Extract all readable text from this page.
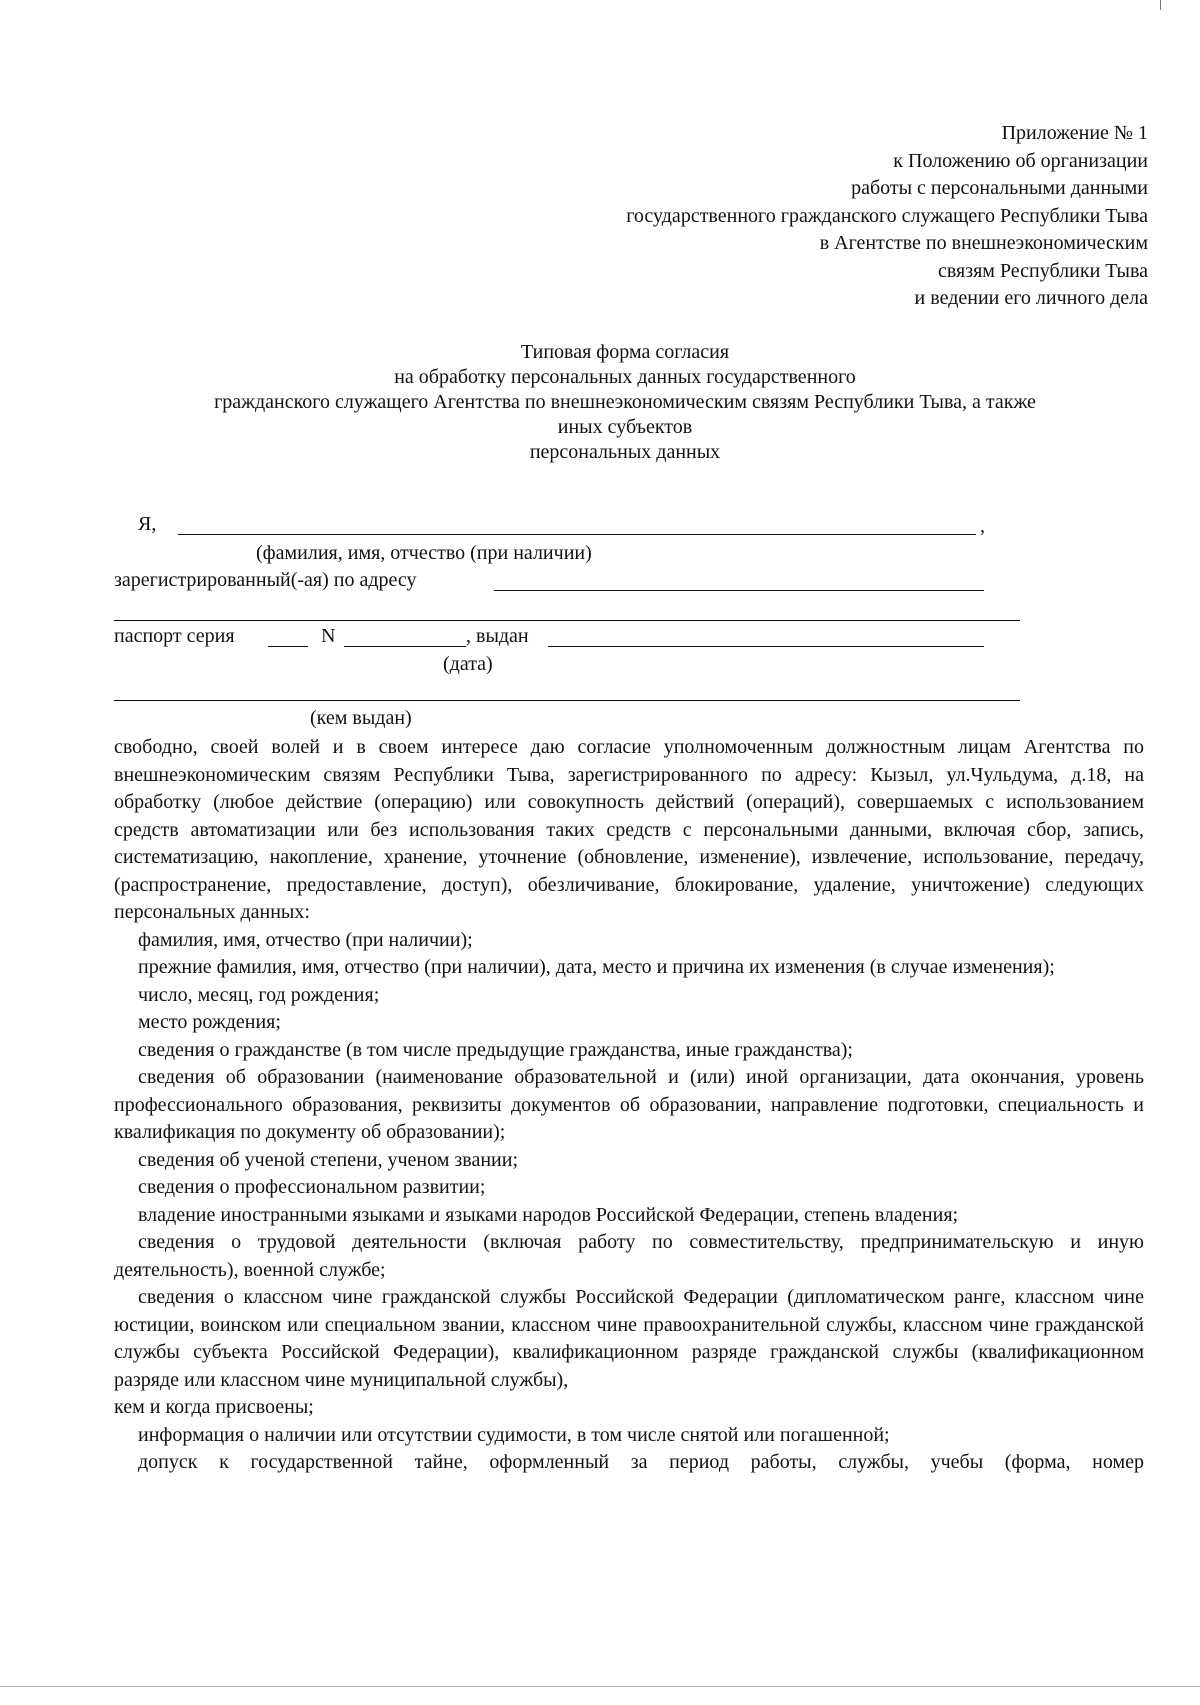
Приложение № 1
к Положению об организации
работы с персональными данными
государственного гражданского служащего Республики Тыва
в Агентстве по внешнеэкономическим
связям Республики Тыва
и ведении его личного дела
Типовая форма согласия
на обработку персональных данных государственного
гражданского служащего Агентства по внешнеэкономическим связям Республики Тыва, а также
иных субъектов
персональных данных
Я,	,
(фамилия, имя, отчество (при наличии)
зарегистрированный(-ая) по адресу
паспорт серия	N	, выдан
(дата)
(кем выдан)

свободно, своей волей и в своем интересе даю согласие уполномоченным должностным лицам Агентства по внешнеэкономическим связям Республики Тыва, зарегистрированного по адресу: Кызыл, ул.Чульдума, д.18, на обработку (любое действие (операцию) или совокупность действий (операций), совершаемых с использованием средств автоматизации или без использования таких средств с персональными данными, включая сбор, запись, систематизацию, накопление, хранение, уточнение (обновление, изменение), извлечение, использование, передачу, (распространение, предоставление, доступ), обезличивание, блокирование, удаление, уничтожение) следующих персональных данных:

фамилия, имя, отчество (при наличии);

прежние фамилия, имя, отчество (при наличии), дата, место и причина их изменения (в случае изменения);

число, месяц, год рождения;

место рождения;

сведения о гражданстве (в том числе предыдущие гражданства, иные гражданства);

сведения об образовании (наименование образовательной и (или) иной организации, дата окончания, уровень профессионального образования, реквизиты документов об образовании, направление подготовки, специальность и квалификация по документу об образовании);

сведения об ученой степени, ученом звании;

сведения о профессиональном развитии;

владение иностранными языками и языками народов Российской Федерации, степень владения;

сведения о трудовой деятельности (включая работу по совместительству, предпринимательскую и иную деятельность), военной службе;

сведения о классном чине гражданской службы Российской Федерации (дипломатическом ранге, классном чине юстиции, воинском или специальном звании, классном чине правоохранительной службы, классном чине гражданской службы субъекта Российской Федерации), квалификационном разряде гражданской службы (квалификационном разряде или классном чине муниципальной службы),

кем и когда присвоены;

информация о наличии или отсутствии судимости, в том числе снятой или погашенной;

допуск к государственной тайне, оформленный за период работы, службы, учебы (форма, номер
